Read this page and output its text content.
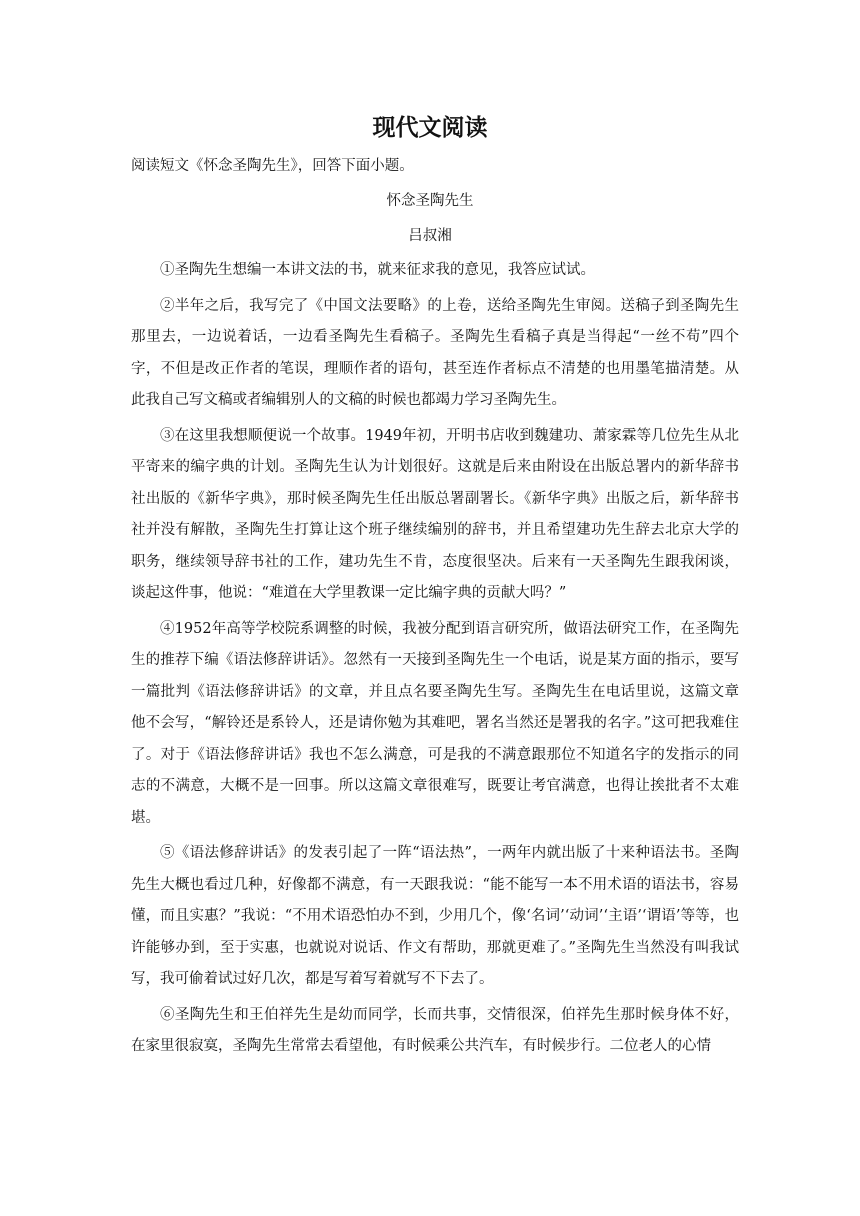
现代文阅读

阅读短文《怀念圣陶先生》，回答下面小题。

怀念圣陶先生

吕叔湘

①圣陶先生想编一本讲文法的书，就来征求我的意见，我答应试试。

②半年之后，我写完了《中国文法要略》的上卷，送给圣陶先生审阅。送稿子到圣陶先生那里去，一边说着话，一边看圣陶先生看稿子。圣陶先生看稿子真是当得起“一丝不苟”四个字，不但是改正作者的笔误，理顺作者的语句，甚至连作者标点不清楚的也用墨笔描清楚。从此我自己写文稿或者编辑别人的文稿的时候也都竭力学习圣陶先生。

③在这里我想顺便说一个故事。1949年初，开明书店收到魏建功、萧家霖等几位先生从北平寄来的编字典的计划。圣陶先生认为计划很好。这就是后来由附设在出版总署内的新华辞书社出版的《新华字典》，那时候圣陶先生任出版总署副署长。《新华字典》出版之后，新华辞书社并没有解散，圣陶先生打算让这个班子继续编别的辞书，并且希望建功先生辞去北京大学的职务，继续领导辞书社的工作，建功先生不肯，态度很坚决。后来有一天圣陶先生跟我闲谈，谈起这件事，他说：“难道在大学里教课一定比编字典的贡献大吗？”

④1952年高等学校院系调整的时候，我被分配到语言研究所，做语法研究工作，在圣陶先生的推荐下编《语法修辞讲话》。忽然有一天接到圣陶先生一个电话，说是某方面的指示，要写一篇批判《语法修辞讲话》的文章，并且点名要圣陶先生写。圣陶先生在电话里说，这篇文章他不会写，“解铃还是系铃人，还是请你勉为其难吧，署名当然还是署我的名字。”这可把我难住了。对于《语法修辞讲话》我也不怎么满意，可是我的不满意跟那位不知道名字的发指示的同志的不满意，大概不是一回事。所以这篇文章很难写，既要让考官满意，也得让挨批者不太难堪。

⑤《语法修辞讲话》的发表引起了一阵“语法热”，一两年内就出版了十来种语法书。圣陶先生大概也看过几种，好像都不满意，有一天跟我说：“能不能写一本不用术语的语法书，容易懂，而且实惠？”我说：“不用术语恐怕办不到，少用几个，像‘名词’‘动词’‘主语’‘谓语’等等，也许能够办到，至于实惠，也就说对说话、作文有帮助，那就更难了。”圣陶先生当然没有叫我试写，我可偷着试过好几次，都是写着写着就写不下去了。

⑥圣陶先生和王伯祥先生是幼而同学，长而共事，交情很深，伯祥先生那时候身体不好，在家里很寂寞，圣陶先生常常去看望他，有时候乘公共汽车，有时候步行。二位老人的心情
